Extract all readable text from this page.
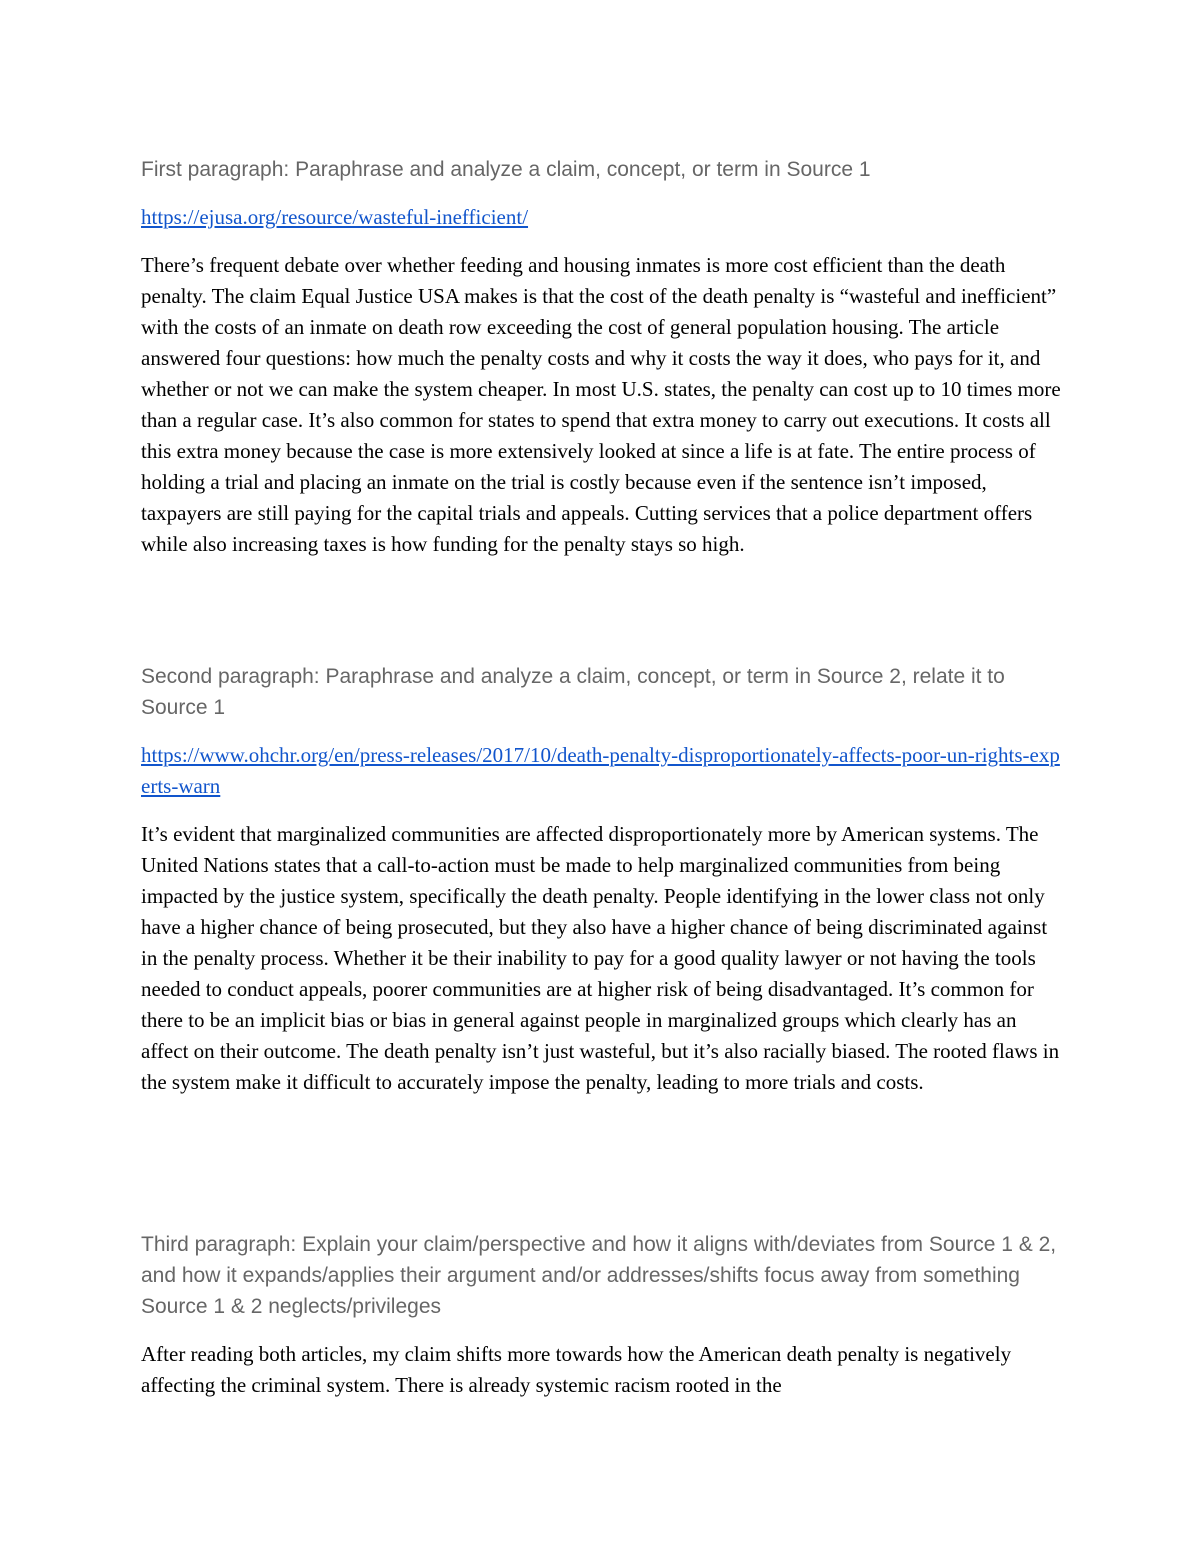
First paragraph: Paraphrase and analyze a claim, concept, or term in Source 1

https://ejusa.org/resource/wasteful-inefficient/

There’s frequent debate over whether feeding and housing inmates is more cost efficient than the death penalty. The claim Equal Justice USA makes is that the cost of the death penalty is “wasteful and inefficient” with the costs of an inmate on death row exceeding the cost of general population housing. The article answered four questions: how much the penalty costs and why it costs the way it does, who pays for it, and whether or not we can make the system cheaper. In most U.S. states, the penalty can cost up to 10 times more than a regular case. It’s also common for states to spend that extra money to carry out executions. It costs all this extra money because the case is more extensively looked at since a life is at fate. The entire process of holding a trial and placing an inmate on the trial is costly because even if the sentence isn’t imposed, taxpayers are still paying for the capital trials and appeals. Cutting services that a police department offers while also increasing taxes is how funding for the penalty stays so high.

Second paragraph: Paraphrase and analyze a claim, concept, or term in Source 2, relate it to Source 1

https://www.ohchr.org/en/press-releases/2017/10/death-penalty-disproportionately-affects-poor-un-rights-experts-warn

It’s evident that marginalized communities are affected disproportionately more by American systems. The United Nations states that a call-to-action must be made to help marginalized communities from being impacted by the justice system, specifically the death penalty. People identifying in the lower class not only have a higher chance of being prosecuted, but they also have a higher chance of being discriminated against in the penalty process. Whether it be their inability to pay for a good quality lawyer or not having the tools needed to conduct appeals, poorer communities are at higher risk of being disadvantaged. It’s common for there to be an implicit bias or bias in general against people in marginalized groups which clearly has an affect on their outcome. The death penalty isn’t just wasteful, but it’s also racially biased. The rooted flaws in the system make it difficult to accurately impose the penalty, leading to more trials and costs.

Third paragraph: Explain your claim/perspective and how it aligns with/deviates from Source 1 & 2, and how it expands/applies their argument and/or addresses/shifts focus away from something Source 1 & 2 neglects/privileges

After reading both articles, my claim shifts more towards how the American death penalty is negatively affecting the criminal system. There is already systemic racism rooted in the
